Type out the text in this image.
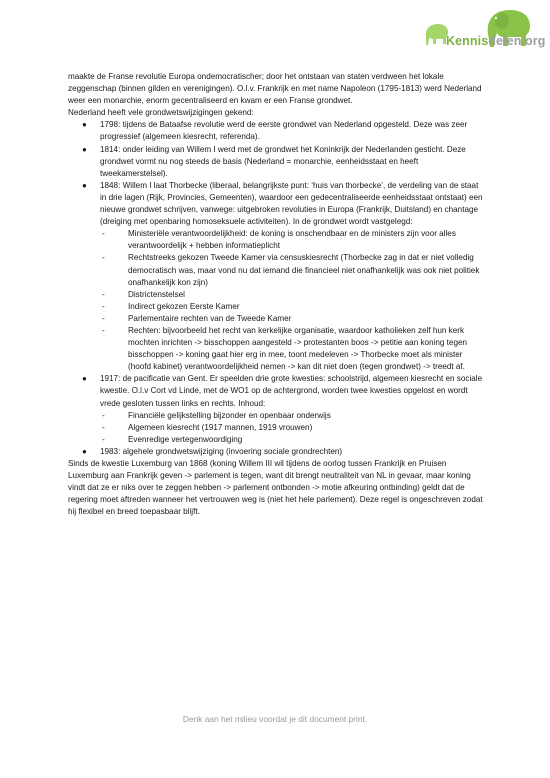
Kennisdelen.org

maakte de Franse revolutie Europa ondemocratischer; door het ontstaan van staten verdween het lokale zeggenschap (binnen gilden en verenigingen). O.l.v. Frankrijk en met name Napoleon (1795-1813) werd Nederland weer een monarchie, enorm gecentraliseerd en kwam er een Franse grondwet.

Nederland heeft vele grondwetswijzigingen gekend:

● 1798: tijdens de Bataafse revolutie werd de eerste grondwet van Nederland opgesteld. Deze was zeer progressief (algemeen kiesrecht, referenda).
● 1814: onder leiding van Willem I werd met de grondwet het Koninkrijk der Nederlanden gesticht. Deze grondwet vormt nu nog steeds de basis (Nederland = monarchie, eenheidsstaat en heeft tweekamerstelsel).
● 1848: Willem I laat Thorbecke (liberaal, belangrijkste punt: ‘huis van thorbecke’, de verdeling van de staat in drie lagen (Rijk, Provincies, Gemeenten), waardoor een gedecentraliseerde eenheidsstaat ontstaat) een nieuwe grondwet schrijven, vanwege: uitgebroken revoluties in Europa (Frankrijk, Duitsland) en chantage (dreiging met openbaring homoseksuele activiteiten). In de grondwet wordt vastgelegd:
-	Ministeriële verantwoordelijkheid: de koning is onschendbaar en de ministers zijn voor alles verantwoordelijk + hebben informatieplicht
-	Rechtstreeks gekozen Tweede Kamer via censuskiesrecht (Thorbecke zag in dat er niet volledig democratisch was, maar vond nu dat iemand die financieel niet onafhankelijk was ook niet politiek onafhankelijk kon zijn)
-	Districtenstelsel
-	Indirect gekozen Eerste Kamer
-	Parlementaire rechten van de Tweede Kamer
-	Rechten: bijvoorbeeld het recht van kerkelijke organisatie, waardoor katholieken zelf hun kerk mochten inrichten -> bisschoppen aangesteld -> protestanten boos -> petitie aan koning tegen bisschoppen -> koning gaat hier erg in mee, toont medeleven -> Thorbecke moet als minister (hoofd kabinet) verantwoordelijkheid nemen -> kan dit niet doen (tegen grondwet) -> treedt af.
● 1917: de pacificatie van Gent. Er speelden drie grote kwesties: schoolstrijd, algemeen kiesrecht en sociale kwestie. O.l.v Cort vd Linde, met de WO1 op de achtergrond, worden twee kwesties opgelost en wordt vrede gesloten tussen links en rechts. Inhoud:
-	Financiële gelijkstelling bijzonder en openbaar onderwijs
-	Algemeen kiesrecht (1917 mannen, 1919 vrouwen)
-	Evenredige vertegenwoordiging
● 1983: algehele grondwetswijziging (invoering sociale grondrechten)

Sinds de kwestie Luxemburg van 1868 (koning Willem III wil tijdens de oorlog tussen Frankrijk en Pruisen Luxemburg aan Frankrijk geven -> parlement is tegen, want dit brengt neutraliteit van NL in gevaar, maar koning vindt dat ze er niks over te zeggen hebben -> parlement ontbonden -> motie afkeuring ontbinding) geldt dat de regering moet aftreden wanneer het vertrouwen weg is (niet het hele parlement). Deze regel is ongeschreven zodat hij flexibel en breed toepasbaar blijft.

Denk aan het milieu voordat je dit document print.
